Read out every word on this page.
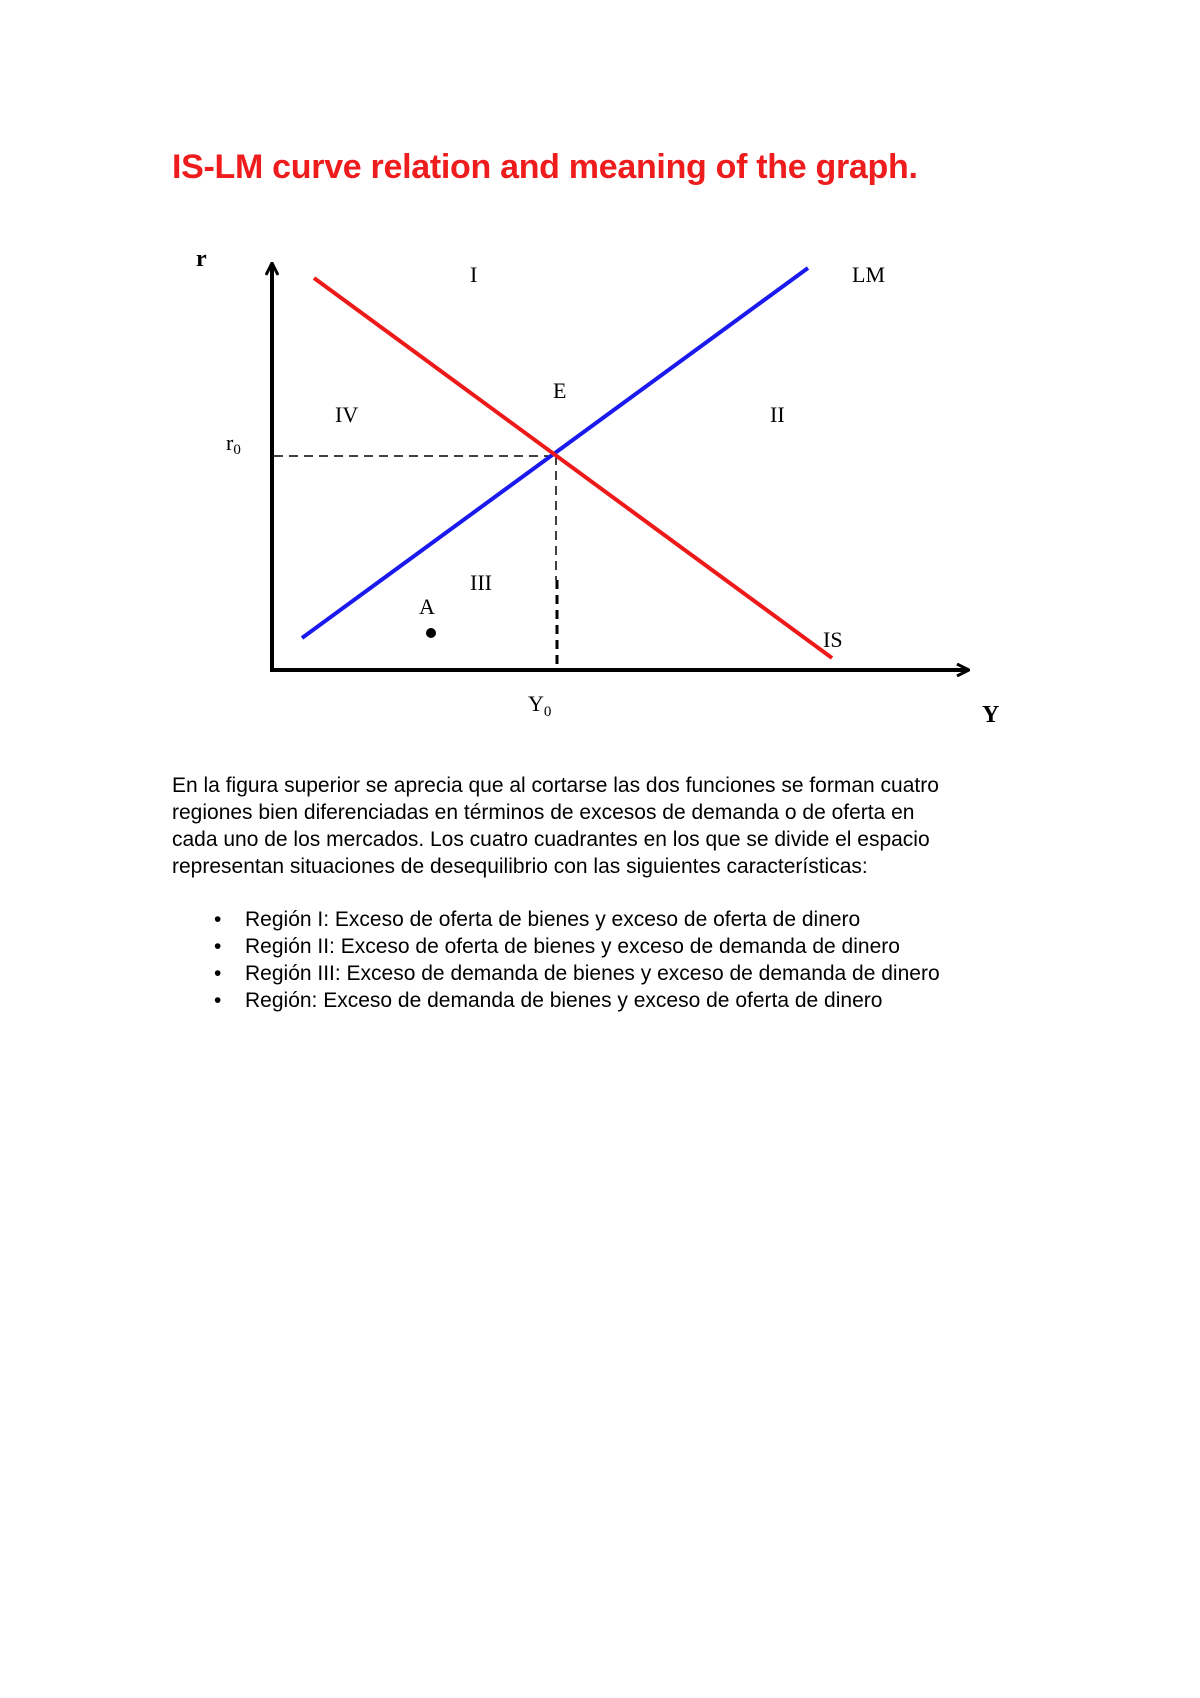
IS-LM curve relation and meaning of the graph.
r
Y
r0
$Y_0$
LM
IS
E
A
I
II
III
IV

En la figura superior se aprecia que al cortarse las dos funciones se forman cuatro
regiones bien diferenciadas en términos de excesos de demanda o de oferta en
cada uno de los mercados. Los cuatro cuadrantes en los que se divide el espacio
representan situaciones de desequilibrio con las siguientes características:

• Región I: Exceso de oferta de bienes y exceso de oferta de dinero
• Región II: Exceso de oferta de bienes y exceso de demanda de dinero
• Región III: Exceso de demanda de bienes y exceso de demanda de dinero
• Región: Exceso de demanda de bienes y exceso de oferta de dinero
